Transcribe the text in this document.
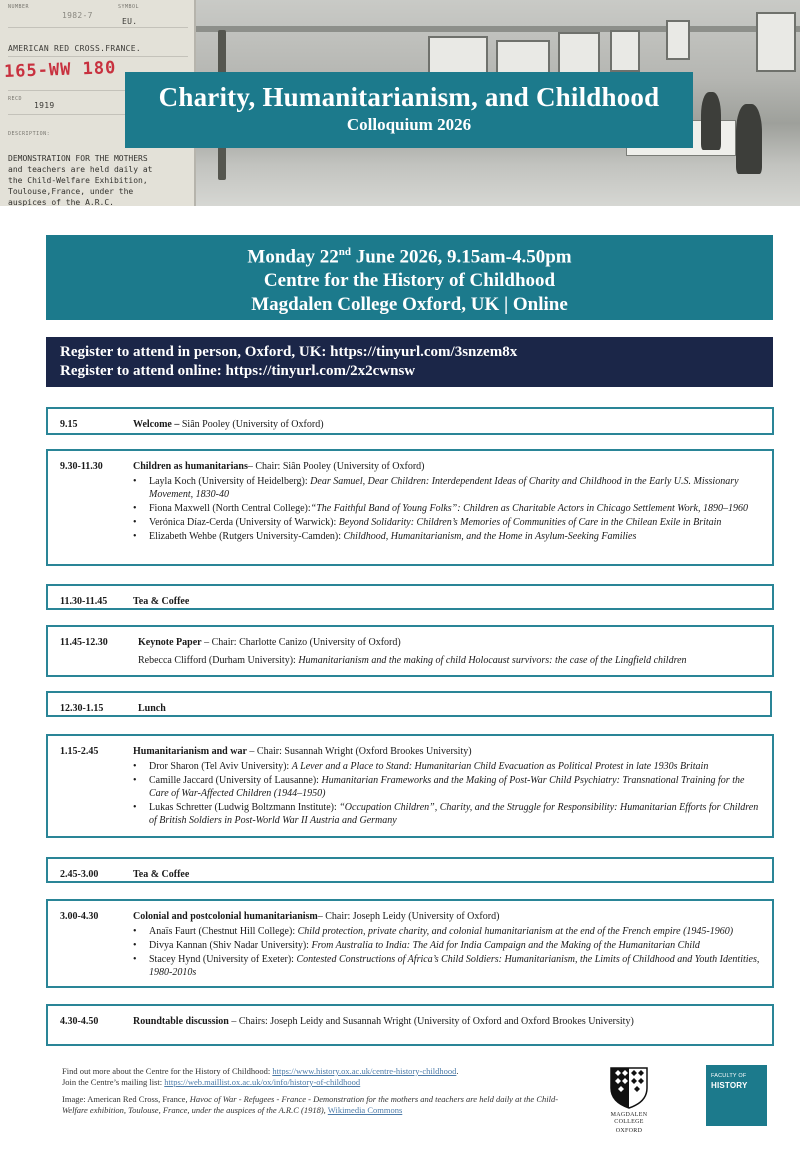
NUMBER	SYMBOL
1982-7
EU.
AMERICAN RED CROSS.FRANCE.
165-WW 180
RECD
1919
DESCRIPTION:
DEMONSTRATION FOR THE MOTHERS
and teachers are held daily at
the Child-Welfare Exhibition,
Toulouse,France, under the
auspices of the A.R.C.
Charity, Humanitarianism, and Childhood
Colloquium 2026
Monday 22nd June 2026, 9.15am-4.50pm
Centre for the History of Childhood
Magdalen College Oxford, UK | Online
Register to attend in person, Oxford, UK: https://tinyurl.com/3snzem8x
Register to attend online: https://tinyurl.com/2x2cwnsw
9.15	Welcome – Siân Pooley (University of Oxford)
9.30-11.30	Children as humanitarians– Chair: Siân Pooley (University of Oxford)
• Layla Koch (University of Heidelberg): Dear Samuel, Dear Children: Interdependent Ideas of Charity and Childhood in the Early U.S. Missionary Movement, 1830-40
• Fiona Maxwell (North Central College):“The Faithful Band of Young Folks”: Children as Charitable Actors in Chicago Settlement Work, 1890–1960
• Verónica Díaz-Cerda (University of Warwick): Beyond Solidarity: Children’s Memories of Communities of Care in the Chilean Exile in Britain
• Elizabeth Wehbe (Rutgers University-Camden): Childhood, Humanitarianism, and the Home in Asylum-Seeking Families
11.30-11.45	Tea & Coffee
11.45-12.30	Keynote Paper – Chair: Charlotte Canizo (University of Oxford)
Rebecca Clifford (Durham University): Humanitarianism and the making of child Holocaust survivors: the case of the Lingfield children
12.30-1.15	Lunch
1.15-2.45	Humanitarianism and war – Chair: Susannah Wright (Oxford Brookes University)
• Dror Sharon (Tel Aviv University): A Lever and a Place to Stand: Humanitarian Child Evacuation as Political Protest in late 1930s Britain
• Camille Jaccard (University of Lausanne): Humanitarian Frameworks and the Making of Post-War Child Psychiatry: Transnational Training for the Care of War-Affected Children (1944–1950)
• Lukas Schretter (Ludwig Boltzmann Institute): “Occupation Children”, Charity, and the Struggle for Responsibility: Humanitarian Efforts for Children of British Soldiers in Post-World War II Austria and Germany
2.45-3.00	Tea & Coffee
3.00-4.30	Colonial and postcolonial humanitarianism– Chair: Joseph Leidy (University of Oxford)
• Anaïs Faurt (Chestnut Hill College): Child protection, private charity, and colonial humanitarianism at the end of the French empire (1945-1960)
• Divya Kannan (Shiv Nadar University): From Australia to India: The Aid for India Campaign and the Making of the Humanitarian Child
• Stacey Hynd (University of Exeter): Contested Constructions of Africa’s Child Soldiers: Humanitarianism, the Limits of Childhood and Youth Identities, 1980-2010s
4.30-4.50	Roundtable discussion – Chairs: Joseph Leidy and Susannah Wright (University of Oxford and Oxford Brookes University)
Find out more about the Centre for the History of Childhood: https://www.history.ox.ac.uk/centre-history-childhood.
Join the Centre’s mailing list: https://web.maillist.ox.ac.uk/ox/info/history-of-childhood
Image: American Red Cross, France, Havoc of War - Refugees - France - Demonstration for the mothers and teachers are held daily at the Child-Welfare exhibition, Toulouse, France, under the auspices of the A.R.C (1918), Wikimedia Commons	MAGDALEN COLLEGE
OXFORD
FACULTY OF
HISTORY
